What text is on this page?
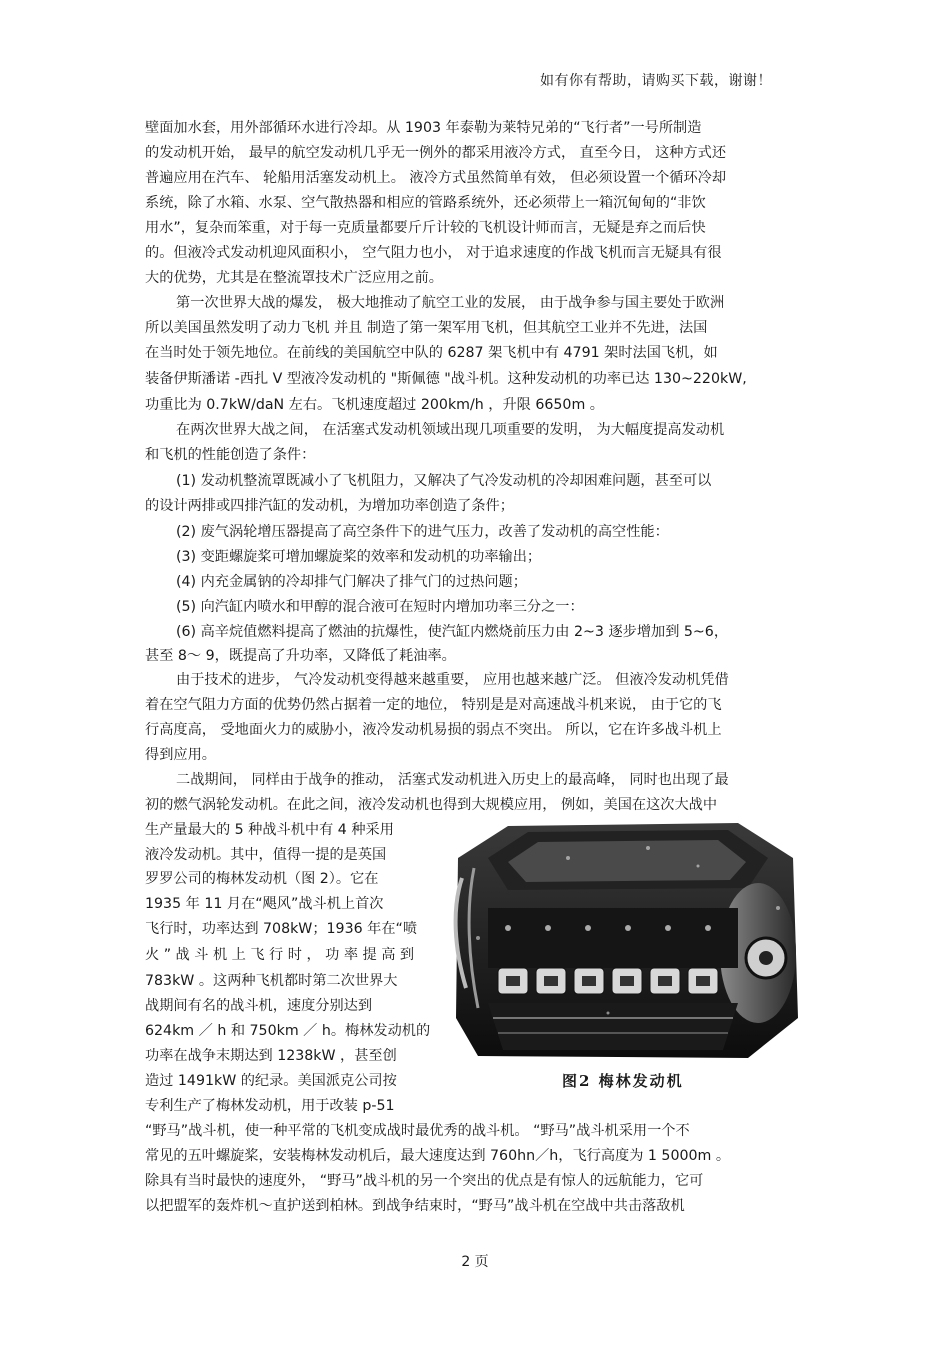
如有你有帮助，请购买下载，谢谢！
壁面加水套，用外部循环水进行冷却。从 1903 年泰勒为莱特兄弟的“飞行者”一号所制造
的发动机开始， 最早的航空发动机几乎无一例外的都采用液冷方式， 直至今日， 这种方式还
普遍应用在汽车、 轮船用活塞发动机上。 液冷方式虽然简单有效， 但必须设置一个循环冷却
系统，除了水箱、水泵、空气散热器和相应的管路系统外，还必须带上一箱沉甸甸的“非饮
用水”，复杂而笨重，对于每一克质量都要斤斤计较的飞机设计师而言，无疑是弃之而后快
的。但液冷式发动机迎风面积小， 空气阻力也小， 对于追求速度的作战飞机而言无疑具有很
大的优势，尤其是在整流罩技术广泛应用之前。
第一次世界大战的爆发， 极大地推动了航空工业的发展， 由于战争参与国主要处于欧洲
所以美国虽然发明了动力飞机 并且 制造了第一架军用飞机，但其航空工业并不先进，法国
在当时处于领先地位。在前线的美国航空中队的 6287 架飞机中有 4791 架时法国飞机，如
装备伊斯潘诺 -西扎 V 型液冷发动机的 "斯佩德 "战斗机。这种发动机的功率已达 130~220kW,
功重比为 0.7kW/daN 左右。飞机速度超过 200km/h ，升限 6650m 。
在两次世界大战之间， 在活塞式发动机领域出现几项重要的发明， 为大幅度提高发动机
和飞机的性能创造了条件：
(1) 发动机整流罩既减小了飞机阻力，又解决了气冷发动机的冷却困难问题，甚至可以
的设计两排或四排汽缸的发动机，为增加功率创造了条件；
(2) 废气涡轮增压器提高了高空条件下的进气压力，改善了发动机的高空性能：
(3) 变距螺旋桨可增加螺旋桨的效率和发动机的功率输出；
(4) 内充金属钠的冷却排气门解决了排气门的过热问题；
(5) 向汽缸内喷水和甲醇的混合液可在短时内增加功率三分之一：
(6) 高辛烷值燃料提高了燃油的抗爆性，使汽缸内燃烧前压力由 2~3 逐步增加到 5~6，
甚至 8～ 9，既提高了升功率，又降低了耗油率。
由于技术的进步， 气冷发动机变得越来越重要， 应用也越来越广泛。 但液冷发动机凭借
着在空气阻力方面的优势仍然占据着一定的地位， 特别是是对高速战斗机来说， 由于它的飞
行高度高， 受地面火力的威胁小，液冷发动机易损的弱点不突出。 所以，它在许多战斗机上
得到应用。
二战期间， 同样由于战争的推动， 活塞式发动机进入历史上的最高峰， 同时也出现了最
初的燃气涡轮发动机。在此之间，液冷发动机也得到大规模应用， 例如，美国在这次大战中
生产量最大的 5 种战斗机中有 4 种采用
液冷发动机。其中，值得一提的是英国
罗罗公司的梅林发动机（图 2）。它在
1935 年 11 月在“飓风”战斗机上首次
飞行时，功率达到 708kW；1936 年在“喷
火 ” 战 斗 机 上 飞 行 时 ， 功 率 提 高 到
783kW 。这两种飞机都时第二次世界大
战期间有名的战斗机，速度分别达到
624km ／ h 和 750km ／ h。梅林发动机的
功率在战争末期达到 1238kW ，甚至创
造过 1491kW 的纪录。美国派克公司按
专利生产了梅林发动机，用于改装 p-51
“野马”战斗机，使一种平常的飞机变成战时最优秀的战斗机。 “野马”战斗机采用一个不
常见的五叶螺旋桨，安装梅林发动机后，最大速度达到 760hn／h，飞行高度为 1 5000m 。
除具有当时最快的速度外， “野马”战斗机的另一个突出的优点是有惊人的远航能力，它可
以把盟军的轰炸机～直护送到柏林。到战争结束时，“野马”战斗机在空战中共击落敌机
图2 梅林发动机
2 页
